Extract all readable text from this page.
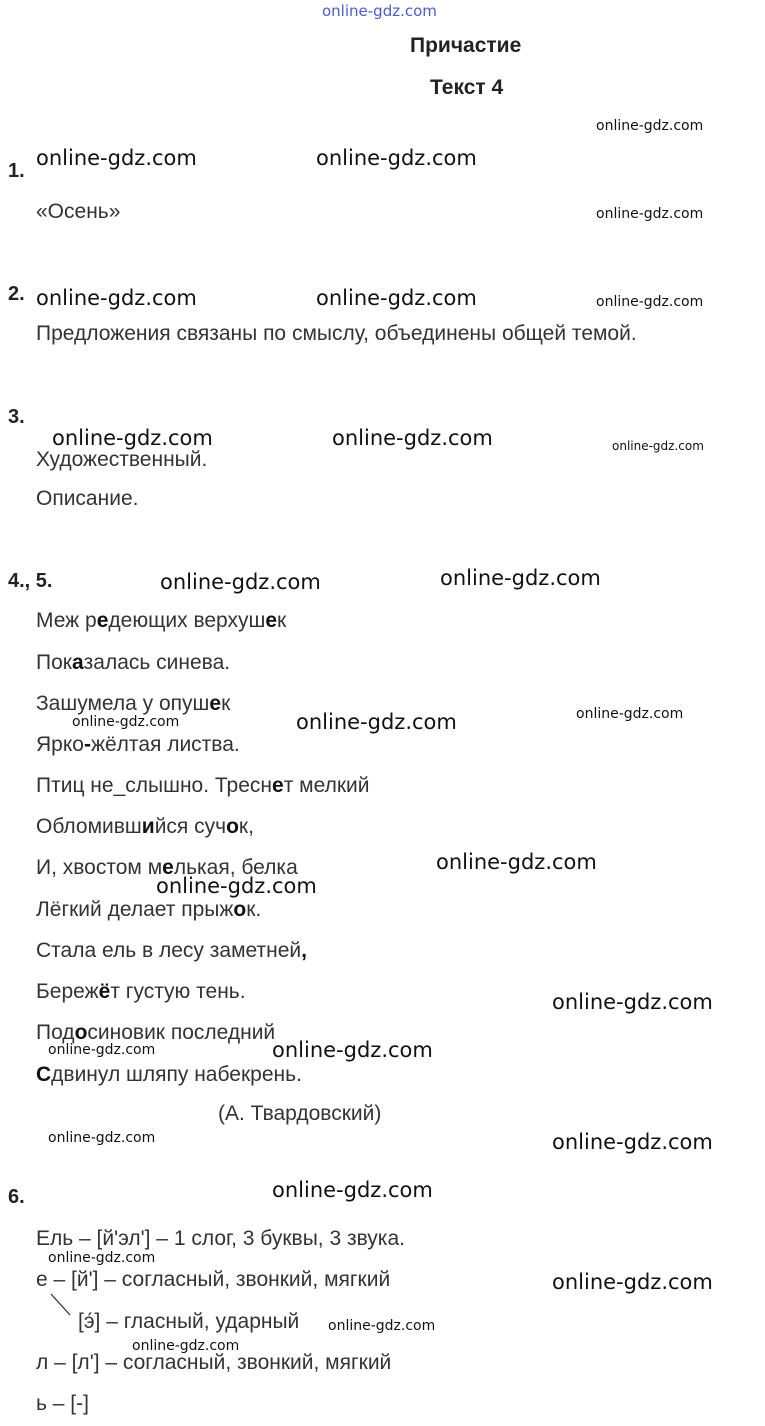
online-gdz.com
Причастие
Текст 4
1.
«Осень»
2.
Предложения связаны по смыслу, объединены общей темой.
3.
Художественный.
Описание.
4., 5.
Меж редеющих верхушек
Показалась синева.
Зашумела у опушек
Ярко-жёлтая листва.
Птиц не_слышно. Треснет мелкий
Обломившийся сучок,
И, хвостом мелькая, белка
Лёгкий делает прыжок.
Стала ель в лесу заметней,
Бережёт густую тень.
Подосиновик последний
Сдвинул шляпу набекрень.
(А. Твардовский)
6.
Ель – [й'эл'] – 1 слог, 3 буквы, 3 звука.
е – [й'] – согласный, звонкий, мягкий
[э́] – гласный, ударный
л – [л'] – согласный, звонкий, мягкий
ь – [-]
online-gdz.com
online-gdz.com	online-gdz.com
online-gdz.com
online-gdz.com	online-gdz.com	online-gdz.com
online-gdz.com	online-gdz.com	online-gdz.com
online-gdz.com	online-gdz.com
online-gdz.com
online-gdz.com	online-gdz.com
online-gdz.com
online-gdz.com
online-gdz.com
online-gdz.com	online-gdz.com
online-gdz.com	online-gdz.com
online-gdz.com
online-gdz.com
online-gdz.com
online-gdz.com
online-gdz.com
